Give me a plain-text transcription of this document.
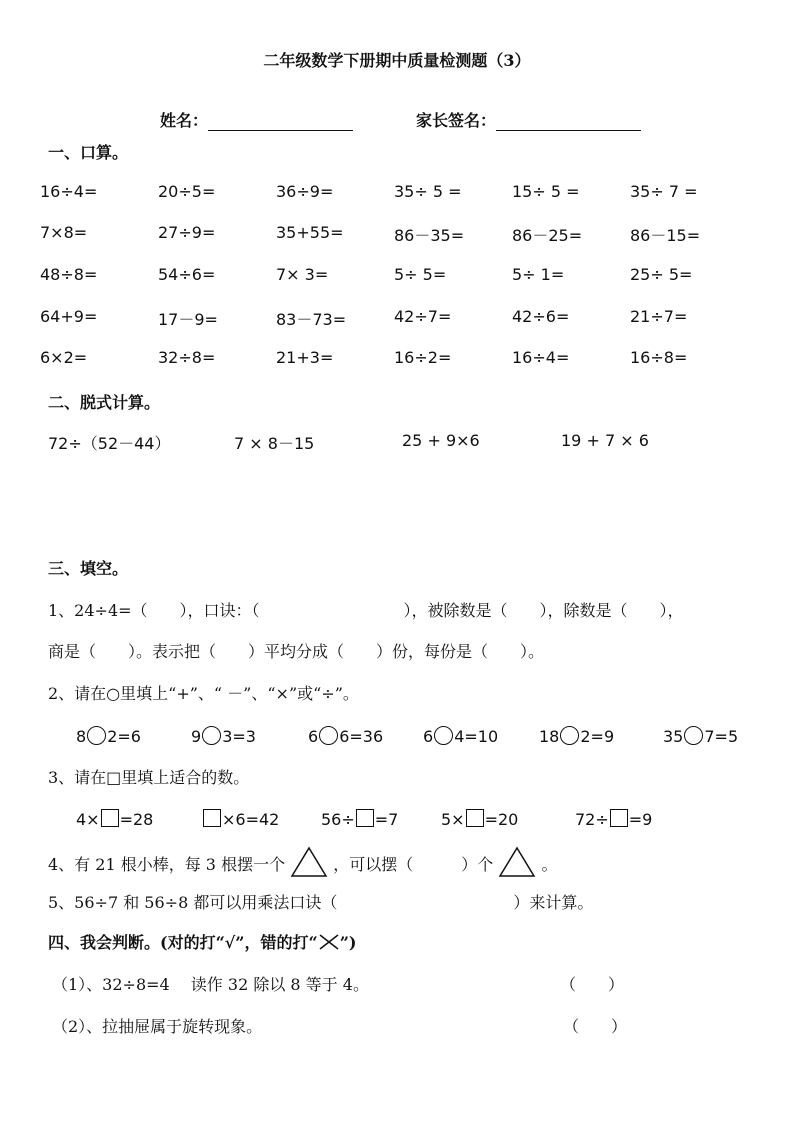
二年级数学下册期中质量检测题（3）
姓名：	家长签名：
一、口算。
16÷4=	20÷5=	36÷9=	35÷ 5 =	15÷ 5 =	35÷ 7 =
7×8=	27÷9=	35+55=	86－35=	86－25=	86－15=
48÷8=	54÷6=	7× 3=	5÷ 5=	5÷ 1=	25÷ 5=
64+9=	17－9=	83－73=	42÷7=	42÷6=	21÷7=
6×2=	32÷8=	21+3=	16÷2=	16÷4=	16÷8=
二、脱式计算。
72÷（52－44）	7 × 8－15	25 + 9×6	19 + 7 × 6
三、填空。
1、24÷4=（　　），口诀：（　　　　　　　　　），被除数是（　　），除数是（　　），
商是（　　）。表示把（　　）平均分成（　　）份，每份是（　　）。
2、请在○里填上“+”、“ －”、“×”或“÷”。
8 2=6	9 3=3	6 6=36 6 4=10	18 2=9	35 7=5
3、请在□里填上适合的数。
4× =28	×6=42	56÷ =7	5× =20	72÷ =9
4、有 21 根小棒，每 3 根摆一个	，可以摆（　　　）个	。
5、56÷7 和 56÷8 都可以用乘法口诀（　　　　　　　　　　　）来计算。
四、我会判断。(对的打“√”，错的打“ ”)
（1）、32÷8=4　 读作 32 除以 8 等于 4。	（　　）
（2）、拉抽屉属于旋转现象。	（　　）
